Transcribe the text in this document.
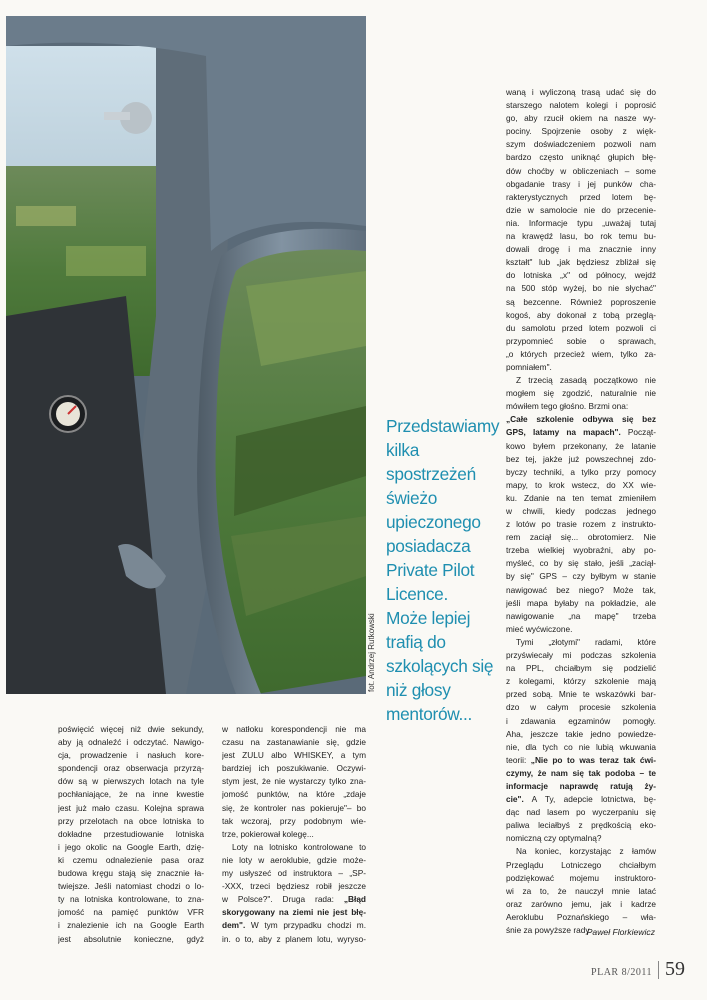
fot. Andrzej Rutkowski
Przedstawiamy
kilka spostrzeżeń
świeżo
upieczonego
posiadacza
Private Pilot
Licence.
Może lepiej
trafią do
szkolących się
niż głosy
mentorów...
waną i wyliczoną trasą udać się do
starszego nalotem kolegi i poprosić
go, aby rzucił okiem na nasze wy-
pociny. Spojrzenie osoby z więk-
szym doświadczeniem pozwoli nam
bardzo często uniknąć głupich błę-
dów choćby w obliczeniach – some
obgadanie trasy i jej punków cha-
rakterystycznych przed lotem bę-
dzie w samolocie nie do przecenie-
nia. Informacje typu „uważaj tutaj
na krawędź lasu, bo rok temu bu-
dowali drogę i ma znacznie inny
kształt" lub „jak będziesz zbliżał się
do lotniska „x" od północy, wejdź
na 500 stóp wyżej, bo nie słychać"
są bezcenne. Również poproszenie
kogoś, aby dokonał z tobą przeglą-
du samolotu przed lotem pozwoli ci
przypomnieć sobie o sprawach,
„o których przecież wiem, tylko za-
pomniałem".
Z trzecią zasadą początkowo nie
mogłem się zgodzić, naturalnie nie
mówiłem tego głośno. Brzmi ona:
„Całe szkolenie odbywa się bez
GPS, latamy na mapach". Począt-
kowo byłem przekonany, że latanie
bez tej, jakże już powszechnej zdo-
byczy techniki, a tylko przy pomocy
mapy, to krok wstecz, do XX wie-
ku. Zdanie na ten temat zmieniłem
w chwili, kiedy podczas jednego
z lotów po trasie rozem z instrukto-
rem zaciął się... obrotomierz. Nie
trzeba wielkiej wyobraźni, aby po-
myśleć, co by się stało, jeśli „zaciął-
by się" GPS – czy byłbym w stanie
nawigować bez niego? Może tak,
jeśli mapa byłaby na pokładzie, ale
nawigowanie „na mapę" trzeba
mieć wyćwiczone.
Tymi „złotymi" radami, które
przyświecały mi podczas szkolenia
na PPL, chciałbym się podzielić
z kolegami, którzy szkolenie mają
przed sobą. Mnie te wskazówki bar-
dzo w całym procesie szkolenia
i zdawania egzaminów pomogły.
Aha, jeszcze takie jedno powiedze-
nie, dla tych co nie lubią wkuwania
teorii: „Nie po to was teraz tak ćwi-
czymy, że nam się tak podoba – te
informacje naprawdę ratują ży-
cie". A Ty, adepcie lotnictwa, bę-
dąc nad lasem po wyczerpaniu się
paliwa leciałbyś z prędkością eko-
nomiczną czy optymalną?
Na koniec, korzystając z łamów
Przeglądu Lotniczego chciałbym
podziękować mojemu instruktoro-
wi za to, że nauczył mnie latać
oraz zarówno jemu, jak i kadrze
Aeroklubu Poznańskiego – wła-
śnie za powyższe rady.
poświęcić więcej niż dwie sekundy,
aby ją odnaleźć i odczytać. Nawigo-
cja, prowadzenie i nasłuch kore-
spondencji oraz obserwacja przyrzą-
dów są w pierwszych lotach na tyle
pochłaniające, że na inne kwestie
jest już mało czasu. Kolejna sprawa
przy przelotach na obce lotniska to
dokładne przestudiowanie lotniska
i jego okolic na Google Earth, dzię-
ki czemu odnalezienie pasa oraz
budowa kręgu stają się znacznie ła-
twiejsze. Jeśli natomiast chodzi o lo-
ty na lotniska kontrolowane, to zna-
jomość na pamięć punktów VFR
i znalezienie ich na Google Earth
jest absolutnie konieczne, gdyż
w natłoku korespondencji nie ma
czasu na zastanawianie się, gdzie
jest ZULU albo WHISKEY, a tym
bardziej ich poszukiwanie. Oczywi-
stym jest, że nie wystarczy tylko zna-
jomość punktów, na które „zdaje
się, że kontroler nas pokieruje"– bo
tak wczoraj, przy podobnym wie-
trze, pokierował kolegę...
Loty na lotnisko kontrolowane to
nie loty w aeroklubie, gdzie może-
my usłyszeć od instruktora – „SP-
-XXX, trzeci będziesz robił jeszcze
w Polsce?". Druga rada: „Błąd
skorygowany na ziemi nie jest błę-
dem". W tym przypadku chodzi m.
in. o to, aby z planem lotu, wyryso-
Paweł Florkiewicz
PLAR 8/2011 59
